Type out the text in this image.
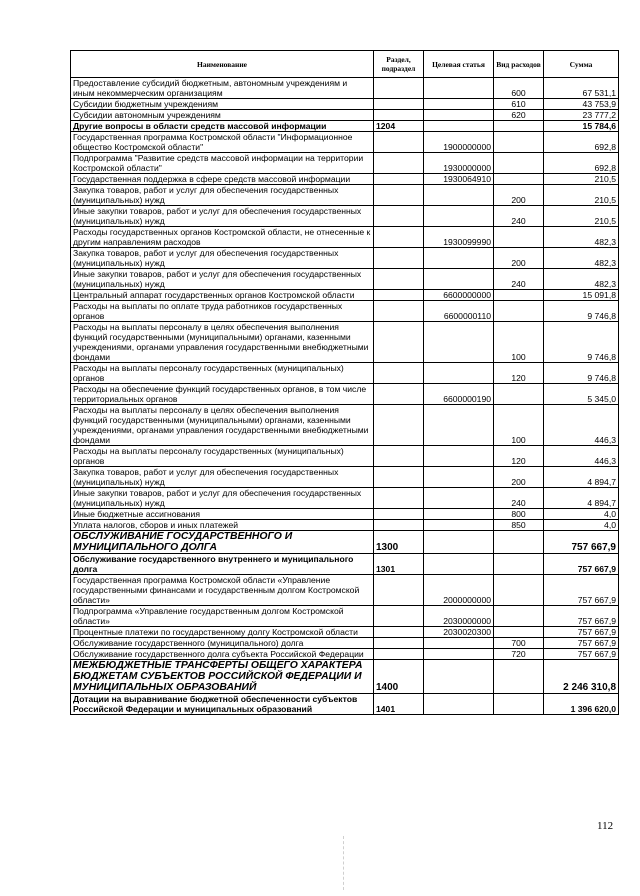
Наименование	Раздел, подраздел	Целевая статья	Вид расходов	Сумма
Предоставление субсидий бюджетным, автономным учреждениям и иным некоммерческим организациям			600	67 531,1
Субсидии бюджетным учреждениям			610	43 753,9
Субсидии автономным учреждениям			620	23 777,2
Другие вопросы в области средств массовой информации	1204			15 784,6
Государственная программа Костромской области "Информационное общество Костромской области"		1900000000		692,8
Подпрограмма "Развитие средств массовой информации на территории Костромской области"		1930000000		692,8
Государственная поддержка в сфере средств массовой информации		1930064910		210,5
Закупка товаров, работ и услуг для обеспечения государственных (муниципальных) нужд			200	210,5
Иные закупки товаров, работ и услуг для обеспечения государственных (муниципальных) нужд			240	210,5
Расходы государственных органов Костромской области, не отнесенные к другим направлениям расходов		1930099990		482,3
Закупка товаров, работ и услуг для обеспечения государственных (муниципальных) нужд			200	482,3
Иные закупки товаров, работ и услуг для обеспечения государственных (муниципальных) нужд			240	482,3
Центральный аппарат государственных органов Костромской области		6600000000		15 091,8
Расходы на выплаты по оплате труда работников государственных органов		6600000110		9 746,8
Расходы на выплаты персоналу в целях обеспечения выполнения функций государственными (муниципальными) органами, казенными учреждениями, органами управления государственными внебюджетными фондами			100	9 746,8
Расходы на выплаты персоналу государственных (муниципальных) органов			120	9 746,8
Расходы на обеспечение функций государственных органов, в том числе территориальных органов		6600000190		5 345,0
Расходы на выплаты персоналу в целях обеспечения выполнения функций государственными (муниципальными) органами, казенными учреждениями, органами управления государственными внебюджетными фондами			100	446,3
Расходы на выплаты персоналу государственных (муниципальных) органов			120	446,3
Закупка товаров, работ и услуг для обеспечения государственных (муниципальных) нужд			200	4 894,7
Иные закупки товаров, работ и услуг для обеспечения государственных (муниципальных) нужд			240	4 894,7
Иные бюджетные ассигнования			800	4,0
Уплата налогов, сборов и иных платежей			850	4,0
ОБСЛУЖИВАНИЕ ГОСУДАРСТВЕННОГО И МУНИЦИПАЛЬНОГО ДОЛГА	1300			757 667,9
Обслуживание государственного внутреннего и муниципального долга	1301			757 667,9
Государственная программа Костромской области «Управление государственными финансами и государственным долгом Костромской области»		2000000000		757 667,9
Подпрограмма «Управление государственным долгом Костромской области»		2030000000		757 667,9
Процентные платежи по государственному долгу Костромской области		2030020300		757 667,9
Обслуживание государственного (муниципального) долга			700	757 667,9
Обслуживание государственного долга субъекта Российской Федерации			720	757 667,9
МЕЖБЮДЖЕТНЫЕ ТРАНСФЕРТЫ ОБЩЕГО ХАРАКТЕРА БЮДЖЕТАМ СУБЪЕКТОВ РОССИЙСКОЙ ФЕДЕРАЦИИ И МУНИЦИПАЛЬНЫХ ОБРАЗОВАНИЙ	1400			2 246 310,8
Дотации на выравнивание бюджетной обеспеченности субъектов Российской Федерации и муниципальных образований	1401			1 396 620,0
112
